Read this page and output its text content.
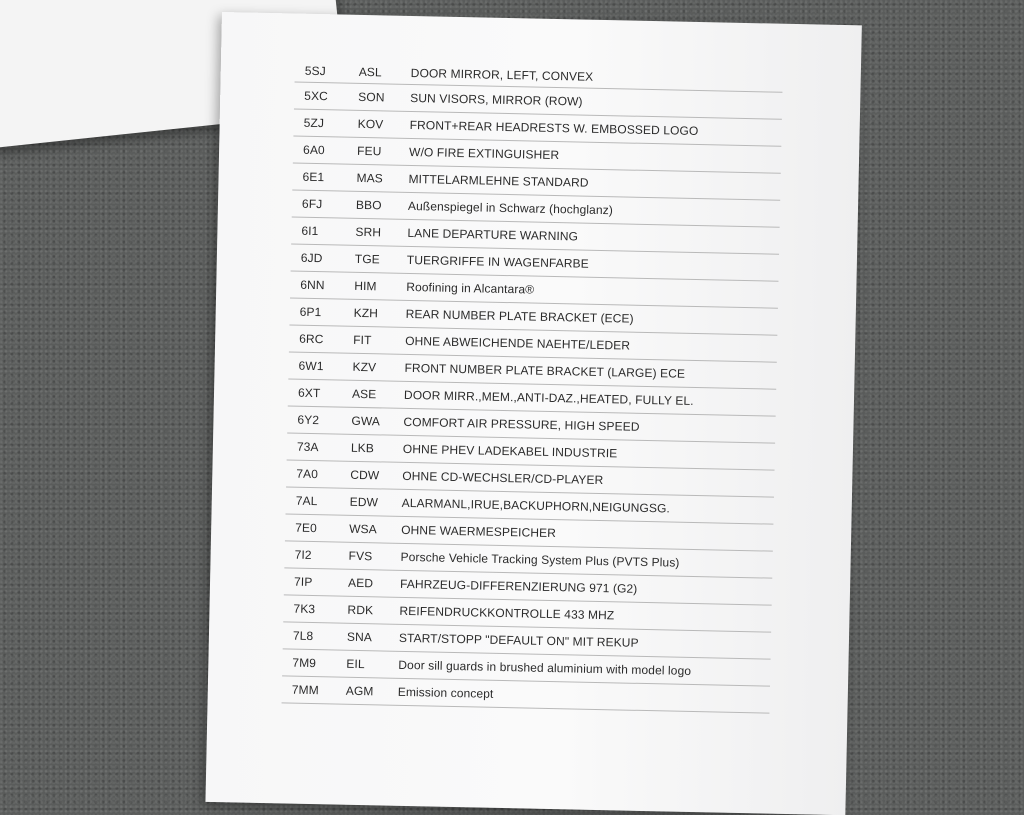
5SJ	ASL	DOOR MIRROR, LEFT, CONVEX
5XC	SON	SUN VISORS, MIRROR (ROW)
5ZJ	KOV	FRONT+REAR HEADRESTS W. EMBOSSED LOGO
6A0	FEU	W/O FIRE EXTINGUISHER
6E1	MAS	MITTELARMLEHNE STANDARD
6FJ	BBO	Außenspiegel in Schwarz (hochglanz)
6I1	SRH	LANE DEPARTURE WARNING
6JD	TGE	TUERGRIFFE IN WAGENFARBE
6NN	HIM	Roofining in Alcantara®
6P1	KZH	REAR NUMBER PLATE BRACKET (ECE)
6RC	FIT	OHNE ABWEICHENDE NAEHTE/LEDER
6W1	KZV	FRONT NUMBER PLATE BRACKET (LARGE) ECE
6XT	ASE	DOOR MIRR.,MEM.,ANTI-DAZ.,HEATED, FULLY EL.
6Y2	GWA	COMFORT AIR PRESSURE, HIGH SPEED
73A	LKB	OHNE PHEV LADEKABEL INDUSTRIE
7A0	CDW	OHNE CD-WECHSLER/CD-PLAYER
7AL	EDW	ALARMANL,IRUE,BACKUPHORN,NEIGUNGSG.
7E0	WSA	OHNE WAERMESPEICHER
7I2	FVS	Porsche Vehicle Tracking System Plus (PVTS Plus)
7IP	AED	FAHRZEUG-DIFFERENZIERUNG 971 (G2)
7K3	RDK	REIFENDRUCKKONTROLLE 433 MHZ
7L8	SNA	START/STOPP "DEFAULT ON" MIT REKUP
7M9	EIL	Door sill guards in brushed aluminium with model logo
7MM	AGM	Emission concept
